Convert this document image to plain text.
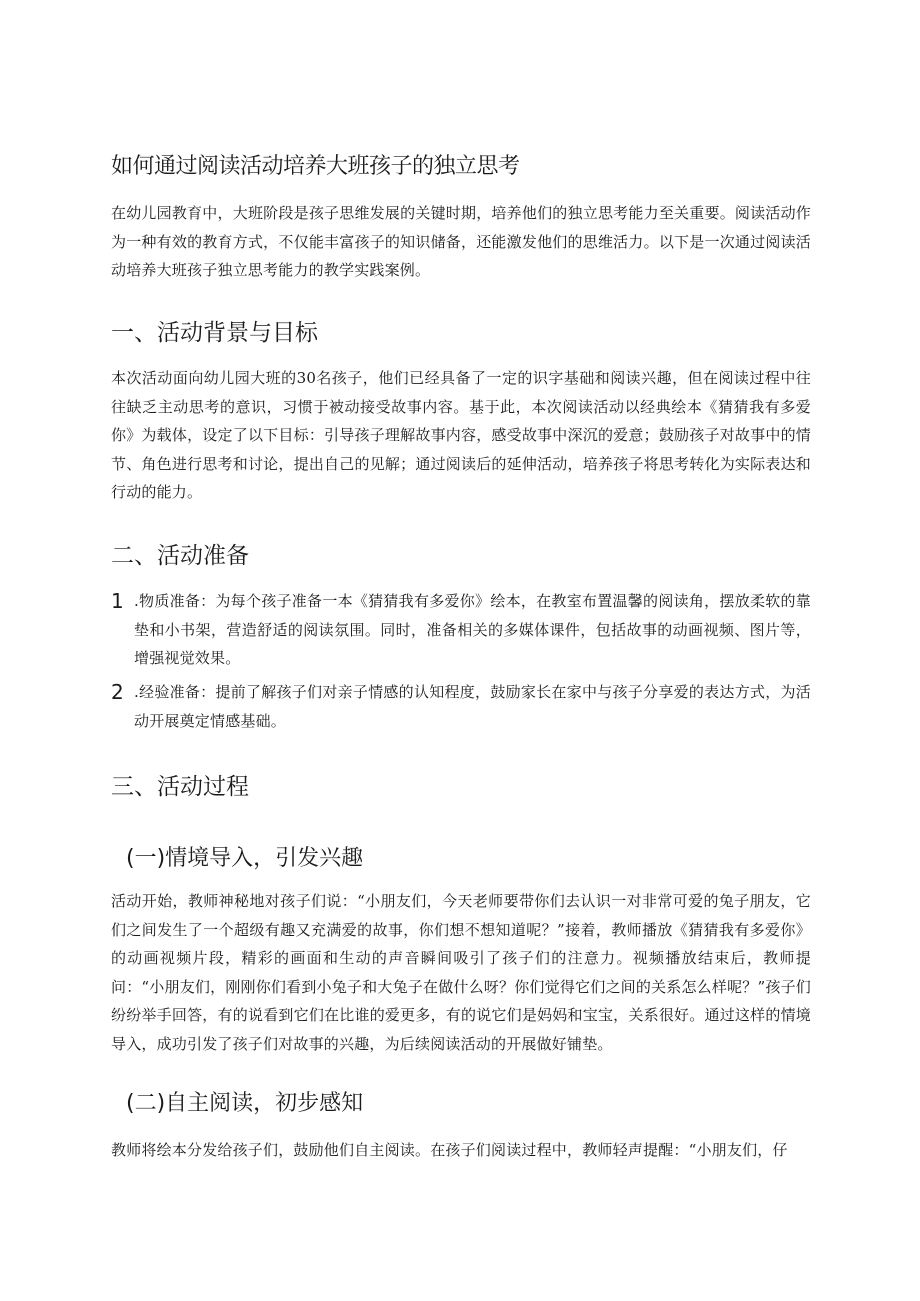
如何通过阅读活动培养大班孩子的独立思考
在幼儿园教育中，大班阶段是孩子思维发展的关键时期，培养他们的独立思考能力至关重要。阅读活动作为一种有效的教育方式，不仅能丰富孩子的知识储备，还能激发他们的思维活力。以下是一次通过阅读活动培养大班孩子独立思考能力的教学实践案例。
一、活动背景与目标
本次活动面向幼儿园大班的30名孩子，他们已经具备了一定的识字基础和阅读兴趣，但在阅读过程中往往缺乏主动思考的意识，习惯于被动接受故事内容。基于此，本次阅读活动以经典绘本《猜猜我有多爱你》为载体，设定了以下目标：引导孩子理解故事内容，感受故事中深沉的爱意；鼓励孩子对故事中的情节、角色进行思考和讨论，提出自己的见解；通过阅读后的延伸活动，培养孩子将思考转化为实际表达和行动的能力。
二、活动准备
1 .物质准备：为每个孩子准备一本《猜猜我有多爱你》绘本，在教室布置温馨的阅读角，摆放柔软的靠垫和小书架，营造舒适的阅读氛围。同时，准备相关的多媒体课件，包括故事的动画视频、图片等，增强视觉效果。
2 .经验准备：提前了解孩子们对亲子情感的认知程度，鼓励家长在家中与孩子分享爱的表达方式，为活动开展奠定情感基础。
三、活动过程
(一)情境导入，引发兴趣
活动开始，教师神秘地对孩子们说：“小朋友们，今天老师要带你们去认识一对非常可爱的兔子朋友，它们之间发生了一个超级有趣又充满爱的故事，你们想不想知道呢？”接着，教师播放《猜猜我有多爱你》的动画视频片段，精彩的画面和生动的声音瞬间吸引了孩子们的注意力。视频播放结束后，教师提问：“小朋友们，刚刚你们看到小兔子和大兔子在做什么呀？你们觉得它们之间的关系怎么样呢？”孩子们纷纷举手回答，有的说看到它们在比谁的爱更多，有的说它们是妈妈和宝宝，关系很好。通过这样的情境导入，成功引发了孩子们对故事的兴趣，为后续阅读活动的开展做好铺垫。
(二)自主阅读，初步感知
教师将绘本分发给孩子们，鼓励他们自主阅读。在孩子们阅读过程中，教师轻声提醒：“小朋友们，仔
